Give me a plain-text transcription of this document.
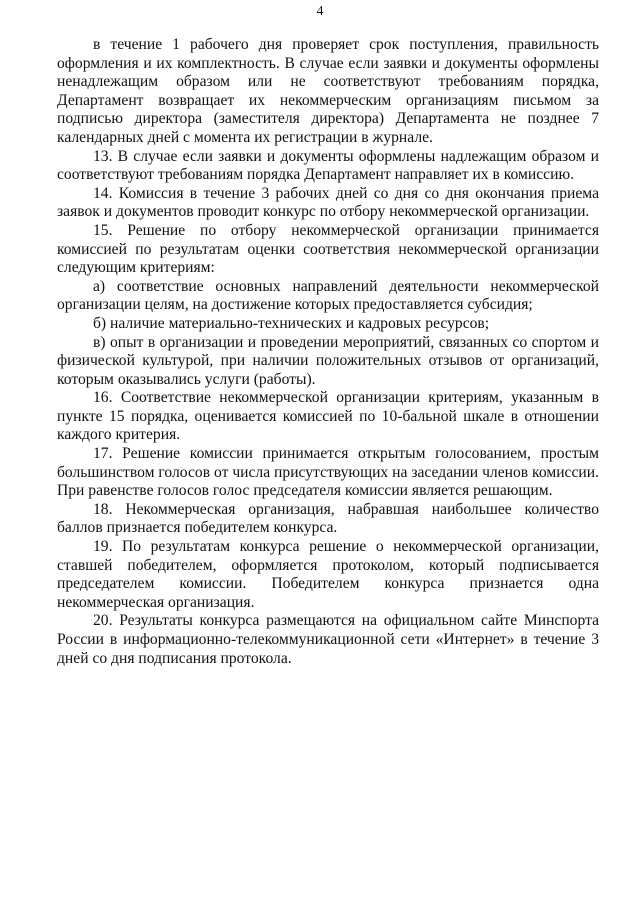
4

в течение 1 рабочего дня проверяет срок поступления, правильность оформления и их комплектность. В случае если заявки и документы оформлены ненадлежащим образом или не соответствуют требованиям порядка, Департамент возвращает их некоммерческим организациям письмом за подписью директора (заместителя директора) Департамента не позднее 7 календарных дней с момента их регистрации в журнале.

13. В случае если заявки и документы оформлены надлежащим образом и соответствуют требованиям порядка Департамент направляет их в комиссию.

14. Комиссия в течение 3 рабочих дней со дня со дня окончания приема заявок и документов проводит конкурс по отбору некоммерческой организации.

15. Решение по отбору некоммерческой организации принимается комиссией по результатам оценки соответствия некоммерческой организации следующим критериям:

а) соответствие основных направлений деятельности некоммерческой организации целям, на достижение которых предоставляется субсидия;

б) наличие материально-технических и кадровых ресурсов;

в) опыт в организации и проведении мероприятий, связанных со спортом и физической культурой, при наличии положительных отзывов от организаций, которым оказывались услуги (работы).

16. Соответствие некоммерческой организации критериям, указанным в пункте 15 порядка, оценивается комиссией по 10-бальной шкале в отношении каждого критерия.

17. Решение комиссии принимается открытым голосованием, простым большинством голосов от числа присутствующих на заседании членов комиссии. При равенстве голосов голос председателя комиссии является решающим.

18. Некоммерческая организация, набравшая наибольшее количество баллов признается победителем конкурса.

19. По результатам конкурса решение о некоммерческой организации, ставшей победителем, оформляется протоколом, который подписывается председателем комиссии. Победителем конкурса признается одна некоммерческая организация.

20. Результаты конкурса размещаются на официальном сайте Минспорта России в информационно-телекоммуникационной сети «Интернет» в течение 3 дней со дня подписания протокола.
